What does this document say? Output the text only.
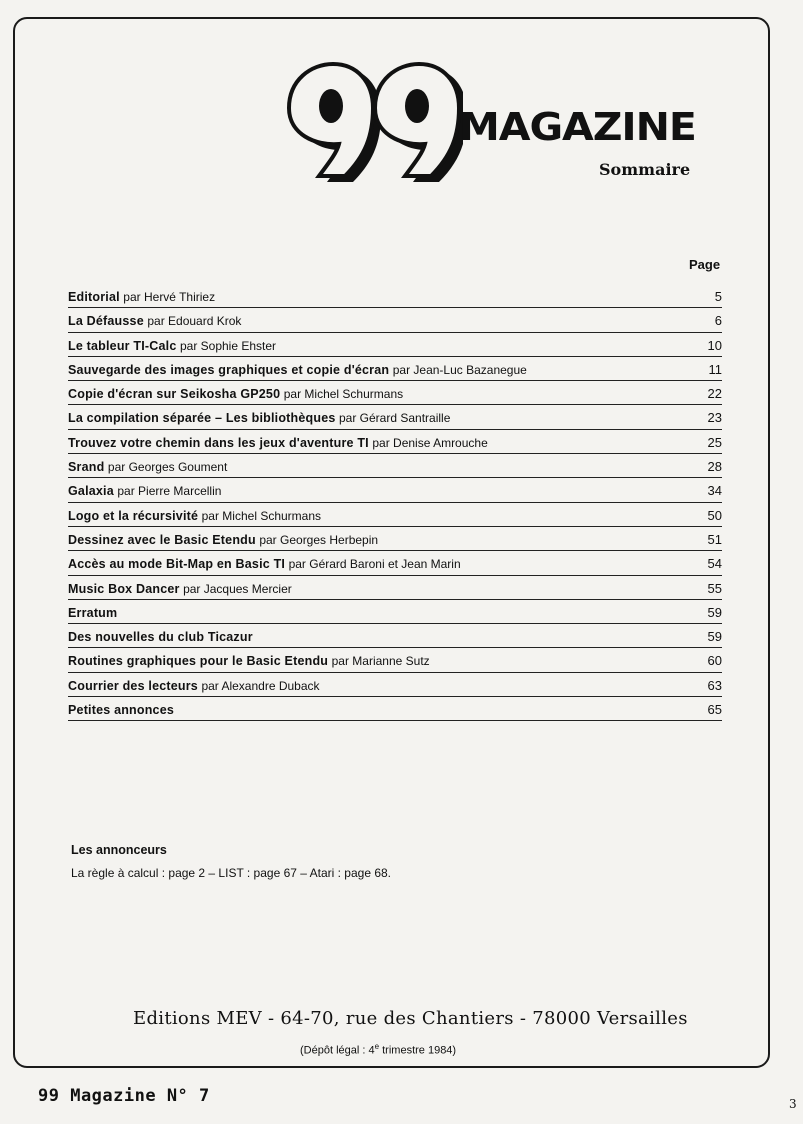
MAGAZINE
Sommaire
Page
Editorial par Hervé Thiriez	5
La Défausse par Edouard Krok	6
Le tableur TI-Calc par Sophie Ehster	10
Sauvegarde des images graphiques et copie d'écran par Jean-Luc Bazanegue	11
Copie d'écran sur Seikosha GP250 par Michel Schurmans	22
La compilation séparée – Les bibliothèques par Gérard Santraille	23
Trouvez votre chemin dans les jeux d'aventure TI par Denise Amrouche	25
Srand par Georges Goument	28
Galaxia par Pierre Marcellin	34
Logo et la récursivité par Michel Schurmans	50
Dessinez avec le Basic Etendu par Georges Herbepin	51
Accès au mode Bit-Map en Basic TI par Gérard Baroni et Jean Marin	54
Music Box Dancer par Jacques Mercier	55
Erratum	59
Des nouvelles du club Ticazur	59
Routines graphiques pour le Basic Etendu par Marianne Sutz	60
Courrier des lecteurs par Alexandre Duback	63
Petites annonces	65
Les annonceurs
La règle à calcul : page 2 – LIST : page 67 – Atari : page 68.
Editions MEV - 64-70, rue des Chantiers - 78000 Versailles
(Dépôt légal : 4e trimestre 1984)
99 Magazine N° 7	3
